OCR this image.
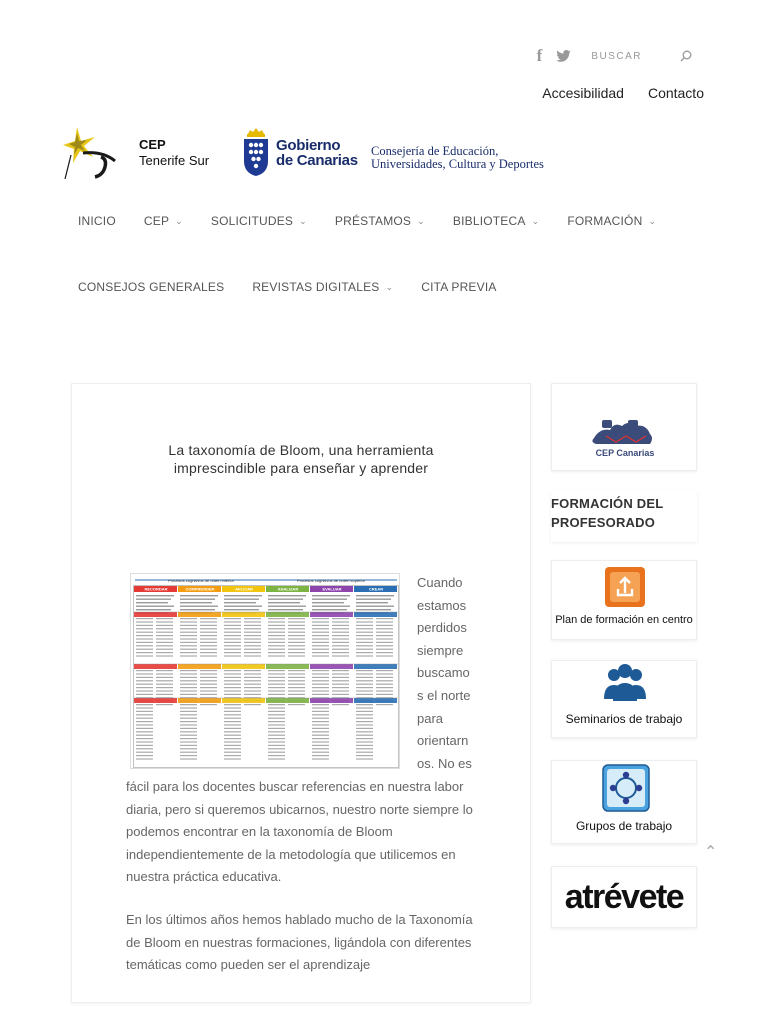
f	BUSCAR
Accesibilidad Contacto
CEP
Tenerife Sur
Gobierno
de Canarias
Consejería de Educación,
Universidades, Cultura y Deportes
INICIO CEP ⌄ SOLICITUDES ⌄ PRÉSTAMOS ⌄ BIBLIOTECA ⌄ FORMACIÓN ⌄
CONSEJOS GENERALES REVISTAS DIGITALES ⌄ CITA PREVIA
La taxonomía de Bloom, una herramienta imprescindible para enseñar y aprender
Procesos cognitivos de orden inferior	Procesos cognitivos de orden superior
RECORDAR	COMPRENDER	APLICAR	ANALIZAR	EVALUAR	CREAR	Cuando estamos perdidos siempre buscamo s el norte para orientarn os. No es

fácil para los docentes buscar referencias en nuestra labor diaria, pero si queremos ubicarnos, nuestro norte siempre lo podemos encontrar en la taxonomía de Bloom independientemente de la metodología que utilicemos en nuestra práctica educativa.

En los últimos años hemos hablado mucho de la Taxonomía de Bloom en nuestras formaciones, ligándola con diferentes temáticas como pueden ser el aprendizaje

CEP Canarias
FORMACIÓN DEL PROFESORADO
Plan de formación en centro
Seminarios de trabajo
Grupos de trabajo
atrévete
⌃
